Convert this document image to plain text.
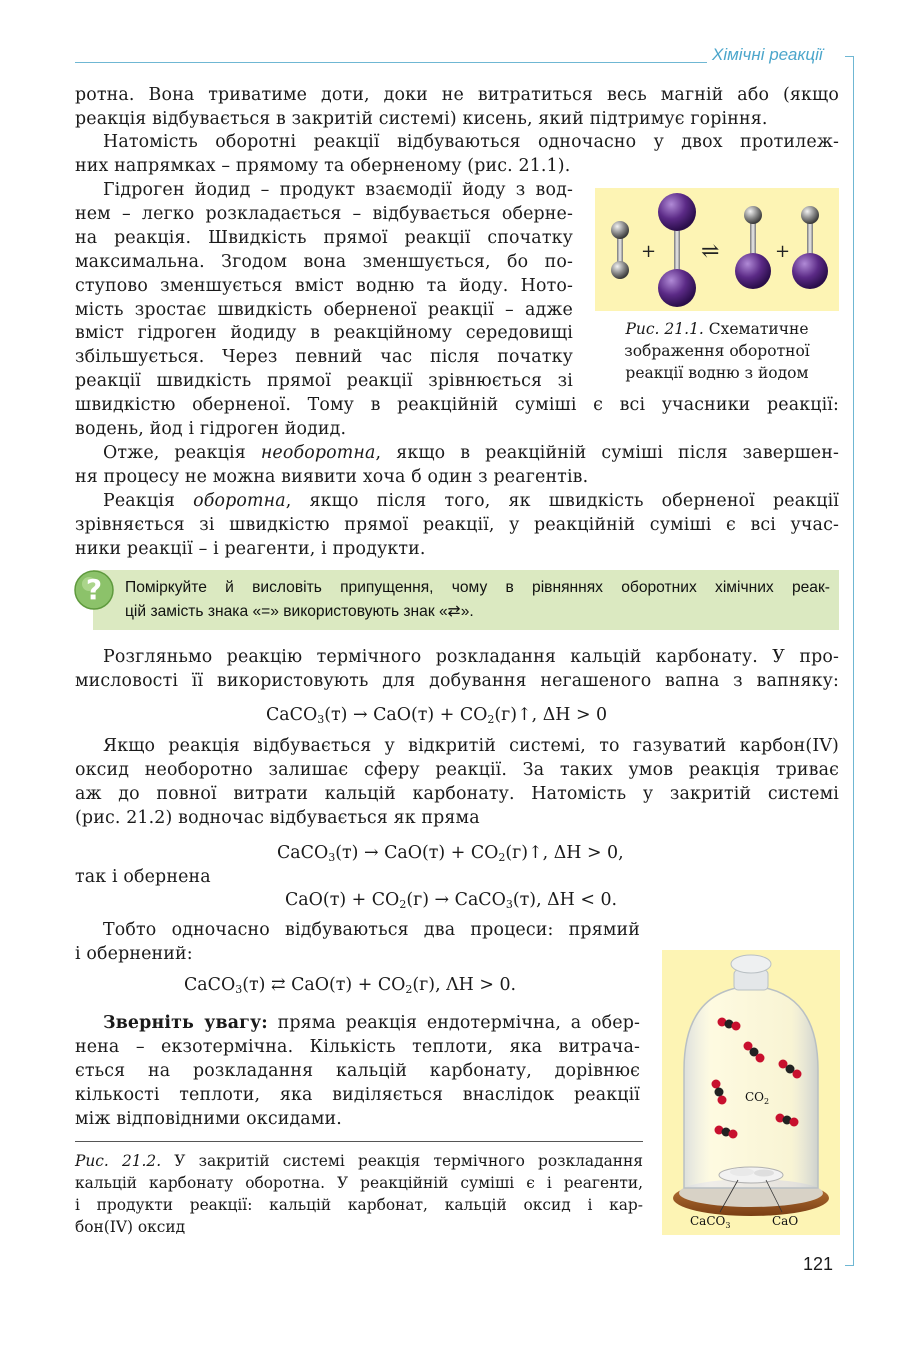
Хімічні реакції
ротна. Вона триватиме доти, доки не витратиться весь магній або (якщо
реакція відбувається в закритій системі) кисень, який підтримує горіння.
Натомість оборотні реакції відбуваються одночасно у двох протилеж-
них напрямках – прямому та оберненому (рис. 21.1).
Гідроген йодид – продукт взаємодії йоду з вод-
нем – легко розкладається – відбувається оберне-
на реакція. Швидкість прямої реакції спочатку
максимальна. Згодом вона зменшується, бо по-
ступово зменшується вміст водню та йоду. Ното-
мість зростає швидкість оберненої реакції – адже
вміст гідроген йодиду в реакційному середовищі
збільшується. Через певний час після початку
реакції швидкість прямої реакції зрівнюється зі
швидкістю оберненої. Тому в реакційній суміші є всі учасники реакції:
водень, йод і гідроген йодид.
+ ⇌	+
Рис. 21.1. Схематичне
зображення оборотної
реакції водню з йодом
Отже, реакція необоротна, якщо в реакційній суміші після завершен-
ня процесу не можна виявити хоча б один з реагентів.
Реакція оборотна, якщо після того, як швидкість оберненої реакції
зрівняється зі швидкістю прямої реакції, у реакційній суміші є всі учас-
ники реакції – і реагенти, і продукти.
? Поміркуйте й висловіть припущення, чому в рівняннях оборотних хімічних реак-
цій замість знака «=» використовують знак «⇄».
Розгляньмо реакцію термічного розкладання кальцій карбонату. У про-
мисловості її використовують для добування негашеного вапна з вапняку:
CaCO$_3$(т) → $CaO(т) + CO_2(г)↑$, ΔH > 0
Якщо реакція відбувається у відкритій системі, то газуватий карбон(IV)
оксид необоротно залишає сферу реакції. За таких умов реакція триває
аж до повної витрати кальцій карбонату. Натомість у закритій системі
(рис. 21.2) водночас відбувається як пряма
CaCO$_3$(т) → $CaO(т) + CO_2(г)↑$, ΔH > 0,
так і обернена
$CaO(т) + CO_2(г)$ → CaCO$_3$(т), ΔH < 0.
Тобто одночасно відбуваються два процеси: прямий
і обернений:
CaCO$_3$(т) ⇄ $CaO(т) + CO_2(г)$, ΛH > 0.
Зверніть увагу: пряма реакція ендотермічна, а обер-
нена – екзотермічна. Кількість теплоти, яка витрача-
ється на розкладання кальцій карбонату, дорівнює
кількості теплоти, яка виділяється внаслідок реакції
між відповідними оксидами.
$CO_2$
CaCO$_3$	CaO
Рис. 21.2. У закритій системі реакція термічного розкладання
кальцій карбонату оборотна. У реакційній суміші є і реагенти,
і продукти реакції: кальцій карбонат, кальцій оксид і кар-
бон(IV) оксид
121
